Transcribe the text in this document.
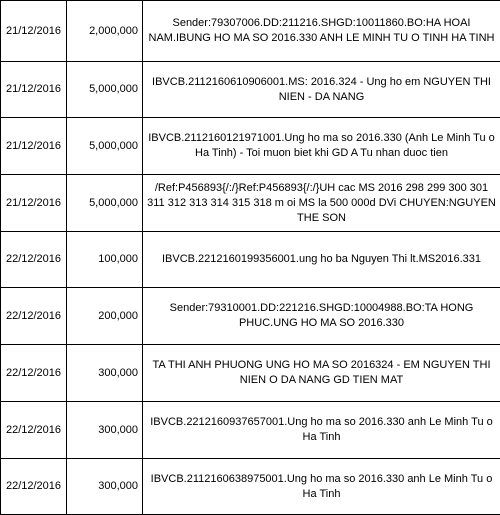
21/12/2016	2,000,000	Sender:79307006.DD:211216.SHGD:10011860.BO:HA HOAI NAM.IBUNG HO MA SO 2016.330 ANH LE MINH TU O TINH HA TINH
21/12/2016	5,000,000	IBVCB.2112160610906001.MS: 2016.324 - Ung ho em NGUYEN THI NIEN - DA NANG
21/12/2016	5,000,000	IBVCB.2112160121971001.Ung ho ma so 2016.330 (Anh Le Minh Tu o Ha Tinh) - Toi muon biet khi GD A Tu nhan duoc tien
21/12/2016	5,000,000	/Ref:P456893{/:/}Ref:P456893{/:/}UH cac MS 2016 298 299 300 301 311 312 313 314 315 318 m oi MS la 500 000d DVi CHUYEN:NGUYEN THE SON
22/12/2016	100,000	IBVCB.2212160199356001.ung ho ba Nguyen Thi lt.MS2016.331
22/12/2016	200,000	Sender:79310001.DD:221216.SHGD:10004988.BO:TA HONG PHUC.UNG HO MA SO 2016.330
22/12/2016	300,000	TA THI ANH PHUONG UNG HO MA SO 2016324 - EM NGUYEN THI NIEN O DA NANG GD TIEN MAT
22/12/2016	300,000	IBVCB.2212160937657001.Ung ho ma so 2016.330 anh Le Minh Tu o Ha Tinh
22/12/2016	300,000	IBVCB.2112160638975001.Ung ho ma so 2016.330 anh Le Minh Tu o Ha Tinh
